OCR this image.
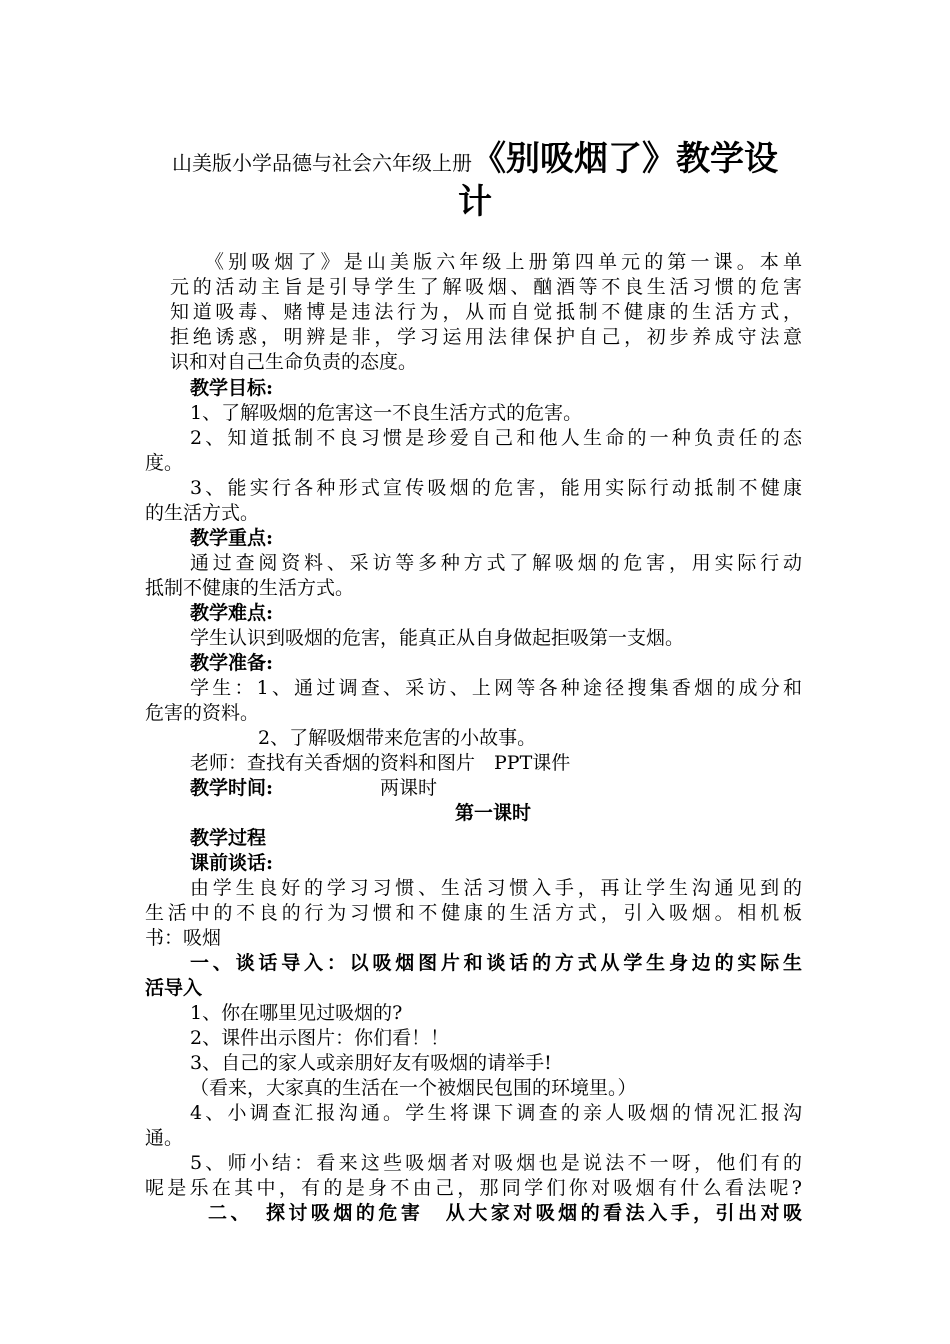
山美版小学品德与社会六年级上册《别吸烟了》教学设
计
《别吸烟了》是山美版六年级上册第四单元的第一课。本单
元的活动主旨是引导学生了解吸烟、酗酒等不良生活习惯的危害
知道吸毒、赌博是违法行为，从而自觉抵制不健康的生活方式，
拒绝诱惑，明辨是非，学习运用法律保护自己，初步养成守法意
识和对自己生命负责的态度。
教学目标:
1、了解吸烟的危害这一不良生活方式的危害。
2、知道抵制不良习惯是珍爱自己和他人生命的一种负责任的态
度。
3、能实行各种形式宣传吸烟的危害，能用实际行动抵制不健康
的生活方式。
教学重点:
通过查阅资料、采访等多种方式了解吸烟的危害，用实际行动
抵制不健康的生活方式。
教学难点:
学生认识到吸烟的危害，能真正从自身做起拒吸第一支烟。
教学准备:
学生：1、通过调查、采访、上网等各种途径搜集香烟的成分和
危害的资料。
2、了解吸烟带来危害的小故事。
老师：查找有关香烟的资料和图片　PPT课件
教学时间:	两课时
第一课时
教学过程
课前谈话:
由学生良好的学习习惯、生活习惯入手，再让学生沟通见到的
生活中的不良的行为习惯和不健康的生活方式，引入吸烟。相机板
书：吸烟
一、谈话导入：以吸烟图片和谈话的方式从学生身边的实际生
活导入
1、你在哪里见过吸烟的?
2、课件出示图片：你们看！！
3、自己的家人或亲朋好友有吸烟的请举手!
（看来，大家真的生活在一个被烟民包围的环境里。）
4、小调查汇报沟通。学生将课下调查的亲人吸烟的情况汇报沟
通。
5、师小结：看来这些吸烟者对吸烟也是说法不一呀，他们有的
呢是乐在其中，有的是身不由己，那同学们你对吸烟有什么看法呢?
二、　探讨吸烟的危害　从大家对吸烟的看法入手，引出对吸
